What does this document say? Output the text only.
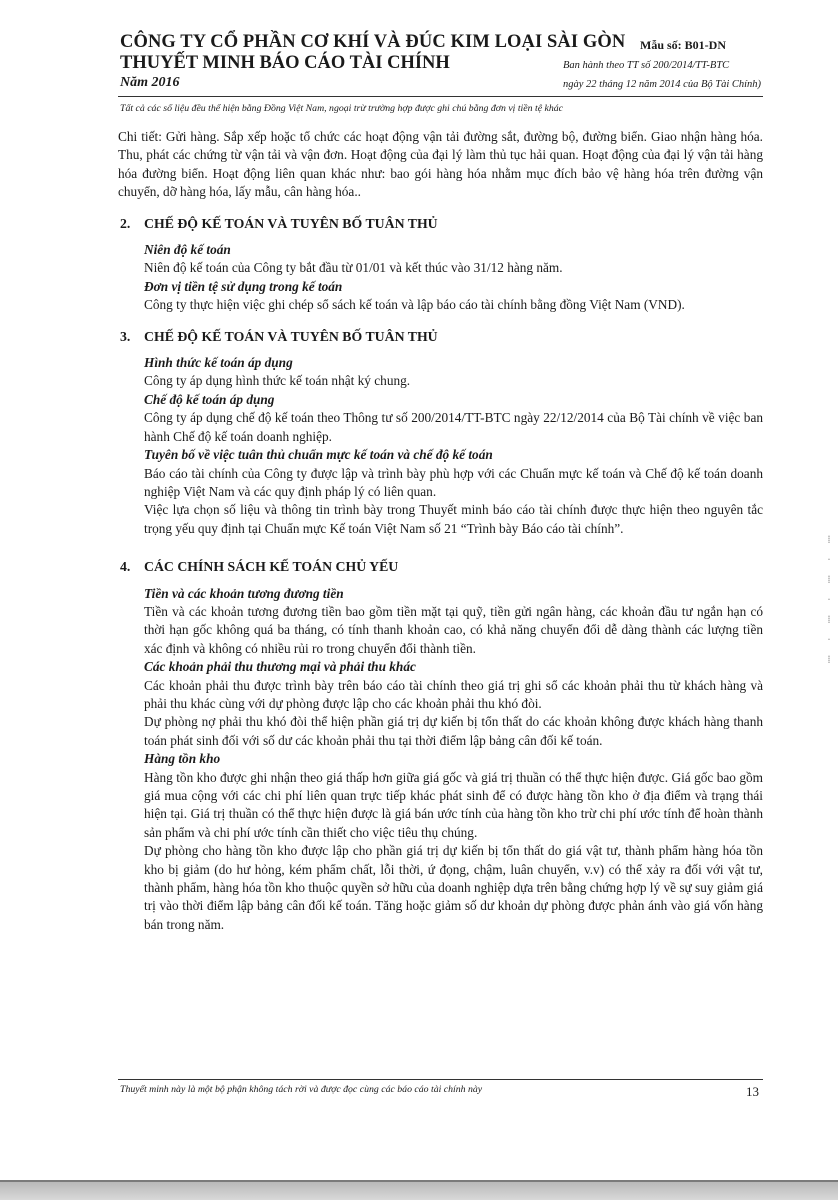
CÔNG TY CỔ PHẦN CƠ KHÍ VÀ ĐÚC KIM LOẠI SÀI GÒN
THUYẾT MINH BÁO CÁO TÀI CHÍNH
Năm 2016
Mẫu số: B01-DN
Ban hành theo TT số 200/2014/TT-BTC
ngày 22 tháng 12 năm 2014 của Bộ Tài Chính)
Tất cả các số liệu đều thể hiện bằng Đồng Việt Nam, ngoại trừ trường hợp được ghi chú bằng đơn vị tiền tệ khác

Chi tiết: Gửi hàng. Sắp xếp hoặc tổ chức các hoạt động vận tải đường sắt, đường bộ, đường biển. Giao nhận hàng hóa. Thu, phát các chứng từ vận tải và vận đơn. Hoạt động của đại lý làm thủ tục hải quan. Hoạt động của đại lý vận tải hàng hóa đường biển. Hoạt động liên quan khác như: bao gói hàng hóa nhằm mục đích bảo vệ hàng hóa trên đường vận chuyển, dỡ hàng hóa, lấy mẫu, cân hàng hóa..

2. CHẾ ĐỘ KẾ TOÁN VÀ TUYÊN BỐ TUÂN THỦ

Niên độ kế toán

Niên độ kế toán của Công ty bắt đầu từ 01/01 và kết thúc vào 31/12 hàng năm.

Đơn vị tiền tệ sử dụng trong kế toán

Công ty thực hiện việc ghi chép sổ sách kế toán và lập báo cáo tài chính bằng đồng Việt Nam (VND).

3. CHẾ ĐỘ KẾ TOÁN VÀ TUYÊN BỐ TUÂN THỦ

Hình thức kế toán áp dụng

Công ty áp dụng hình thức kế toán nhật ký chung.

Chế độ kế toán áp dụng

Công ty áp dụng chế độ kế toán theo Thông tư số 200/2014/TT-BTC ngày 22/12/2014 của Bộ Tài chính về việc ban hành Chế độ kế toán doanh nghiệp.

Tuyên bố về việc tuân thủ chuẩn mực kế toán và chế độ kế toán

Báo cáo tài chính của Công ty được lập và trình bày phù hợp với các Chuẩn mực kế toán và Chế độ kế toán doanh nghiệp Việt Nam và các quy định pháp lý có liên quan.

Việc lựa chọn số liệu và thông tin trình bày trong Thuyết minh báo cáo tài chính được thực hiện theo nguyên tắc trọng yếu quy định tại Chuẩn mực Kế toán Việt Nam số 21 “Trình bày Báo cáo tài chính”.

4. CÁC CHÍNH SÁCH KẾ TOÁN CHỦ YẾU

Tiền và các khoản tương đương tiền

Tiền và các khoản tương đương tiền bao gồm tiền mặt tại quỹ, tiền gửi ngân hàng, các khoản đầu tư ngắn hạn có thời hạn gốc không quá ba tháng, có tính thanh khoản cao, có khả năng chuyển đổi dễ dàng thành các lượng tiền xác định và không có nhiều rủi ro trong chuyển đổi thành tiền.

Các khoản phải thu thương mại và phải thu khác

Các khoản phải thu được trình bày trên báo cáo tài chính theo giá trị ghi sổ các khoản phải thu từ khách hàng và phải thu khác cùng với dự phòng được lập cho các khoản phải thu khó đòi.

Dự phòng nợ phải thu khó đòi thể hiện phần giá trị dự kiến bị tổn thất do các khoản không được khách hàng thanh toán phát sinh đối với số dư các khoản phải thu tại thời điểm lập bảng cân đối kế toán.

Hàng tồn kho

Hàng tồn kho được ghi nhận theo giá thấp hơn giữa giá gốc và giá trị thuần có thể thực hiện được. Giá gốc bao gồm giá mua cộng với các chi phí liên quan trực tiếp khác phát sinh để có được hàng tồn kho ở địa điểm và trạng thái hiện tại. Giá trị thuần có thể thực hiện được là giá bán ước tính của hàng tồn kho trừ chi phí ước tính để hoàn thành sản phẩm và chi phí ước tính cần thiết cho việc tiêu thụ chúng.

Dự phòng cho hàng tồn kho được lập cho phần giá trị dự kiến bị tổn thất do giá vật tư, thành phẩm hàng hóa tồn kho bị giảm (do hư hỏng, kém phẩm chất, lỗi thời, ứ đọng, chậm, luân chuyển, v.v) có thể xảy ra đối với vật tư, thành phẩm, hàng hóa tồn kho thuộc quyền sở hữu của doanh nghiệp dựa trên bằng chứng hợp lý về sự suy giảm giá trị vào thời điểm lập bảng cân đối kế toán. Tăng hoặc giảm số dư khoản dự phòng được phản ánh vào giá vốn hàng bán trong năm.

Thuyết minh này là một bộ phận không tách rời và được đọc cùng các báo cáo tài chính này	13
⁞
·
⁞
·
⁞
·
⁞
